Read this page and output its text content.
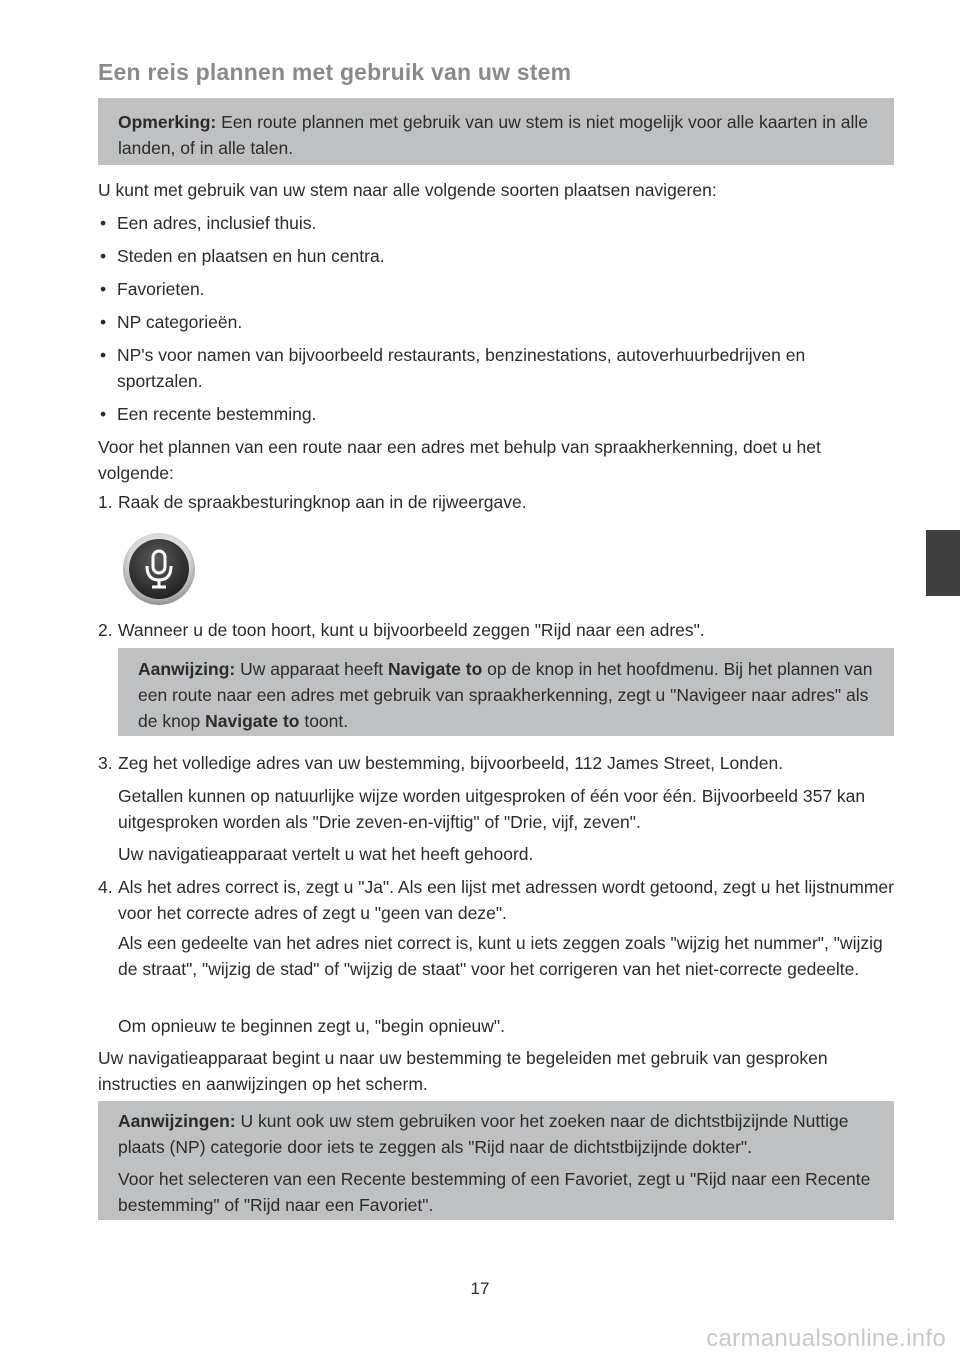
Een reis plannen met gebruik van uw stem

Opmerking: Een route plannen met gebruik van uw stem is niet mogelijk voor alle kaarten in alle landen, of in alle talen.

U kunt met gebruik van uw stem naar alle volgende soorten plaatsen navigeren:

• Een adres, inclusief thuis.
• Steden en plaatsen en hun centra.
• Favorieten.
• NP categorieën.
• NP's voor namen van bijvoorbeeld restaurants, benzinestations, autoverhuurbedrijven en sportzalen.
• Een recente bestemming.

Voor het plannen van een route naar een adres met behulp van spraakherkenning, doet u het volgende:

1. Raak de spraakbesturingknop aan in de rijweergave.
2. Wanneer u de toon hoort, kunt u bijvoorbeeld zeggen "Rijd naar een adres".

Aanwijzing: Uw apparaat heeft Navigate to op de knop in het hoofdmenu. Bij het plannen van een route naar een adres met gebruik van spraakherkenning, zegt u "Navigeer naar adres" als de knop Navigate to toont.

3. Zeg het volledige adres van uw bestemming, bijvoorbeeld, 112 James Street, Londen.

Getallen kunnen op natuurlijke wijze worden uitgesproken of één voor één. Bijvoorbeeld 357 kan uitgesproken worden als "Drie zeven-en-vijftig" of "Drie, vijf, zeven".

Uw navigatieapparaat vertelt u wat het heeft gehoord.

4. Als het adres correct is, zegt u "Ja". Als een lijst met adressen wordt getoond, zegt u het lijstnummer voor het correcte adres of zegt u "geen van deze".

Als een gedeelte van het adres niet correct is, kunt u iets zeggen zoals "wijzig het nummer", "wijzig de straat", "wijzig de stad" of "wijzig de staat" voor het corrigeren van het niet-correcte gedeelte.

Om opnieuw te beginnen zegt u, "begin opnieuw".

Uw navigatieapparaat begint u naar uw bestemming te begeleiden met gebruik van gesproken instructies en aanwijzingen op het scherm.

Aanwijzingen: U kunt ook uw stem gebruiken voor het zoeken naar de dichtstbijzijnde Nuttige plaats (NP) categorie door iets te zeggen als "Rijd naar de dichtstbijzijnde dokter".

Voor het selecteren van een Recente bestemming of een Favoriet, zegt u "Rijd naar een Recente bestemming" of "Rijd naar een Favoriet".

17
carmanualsonline.info
